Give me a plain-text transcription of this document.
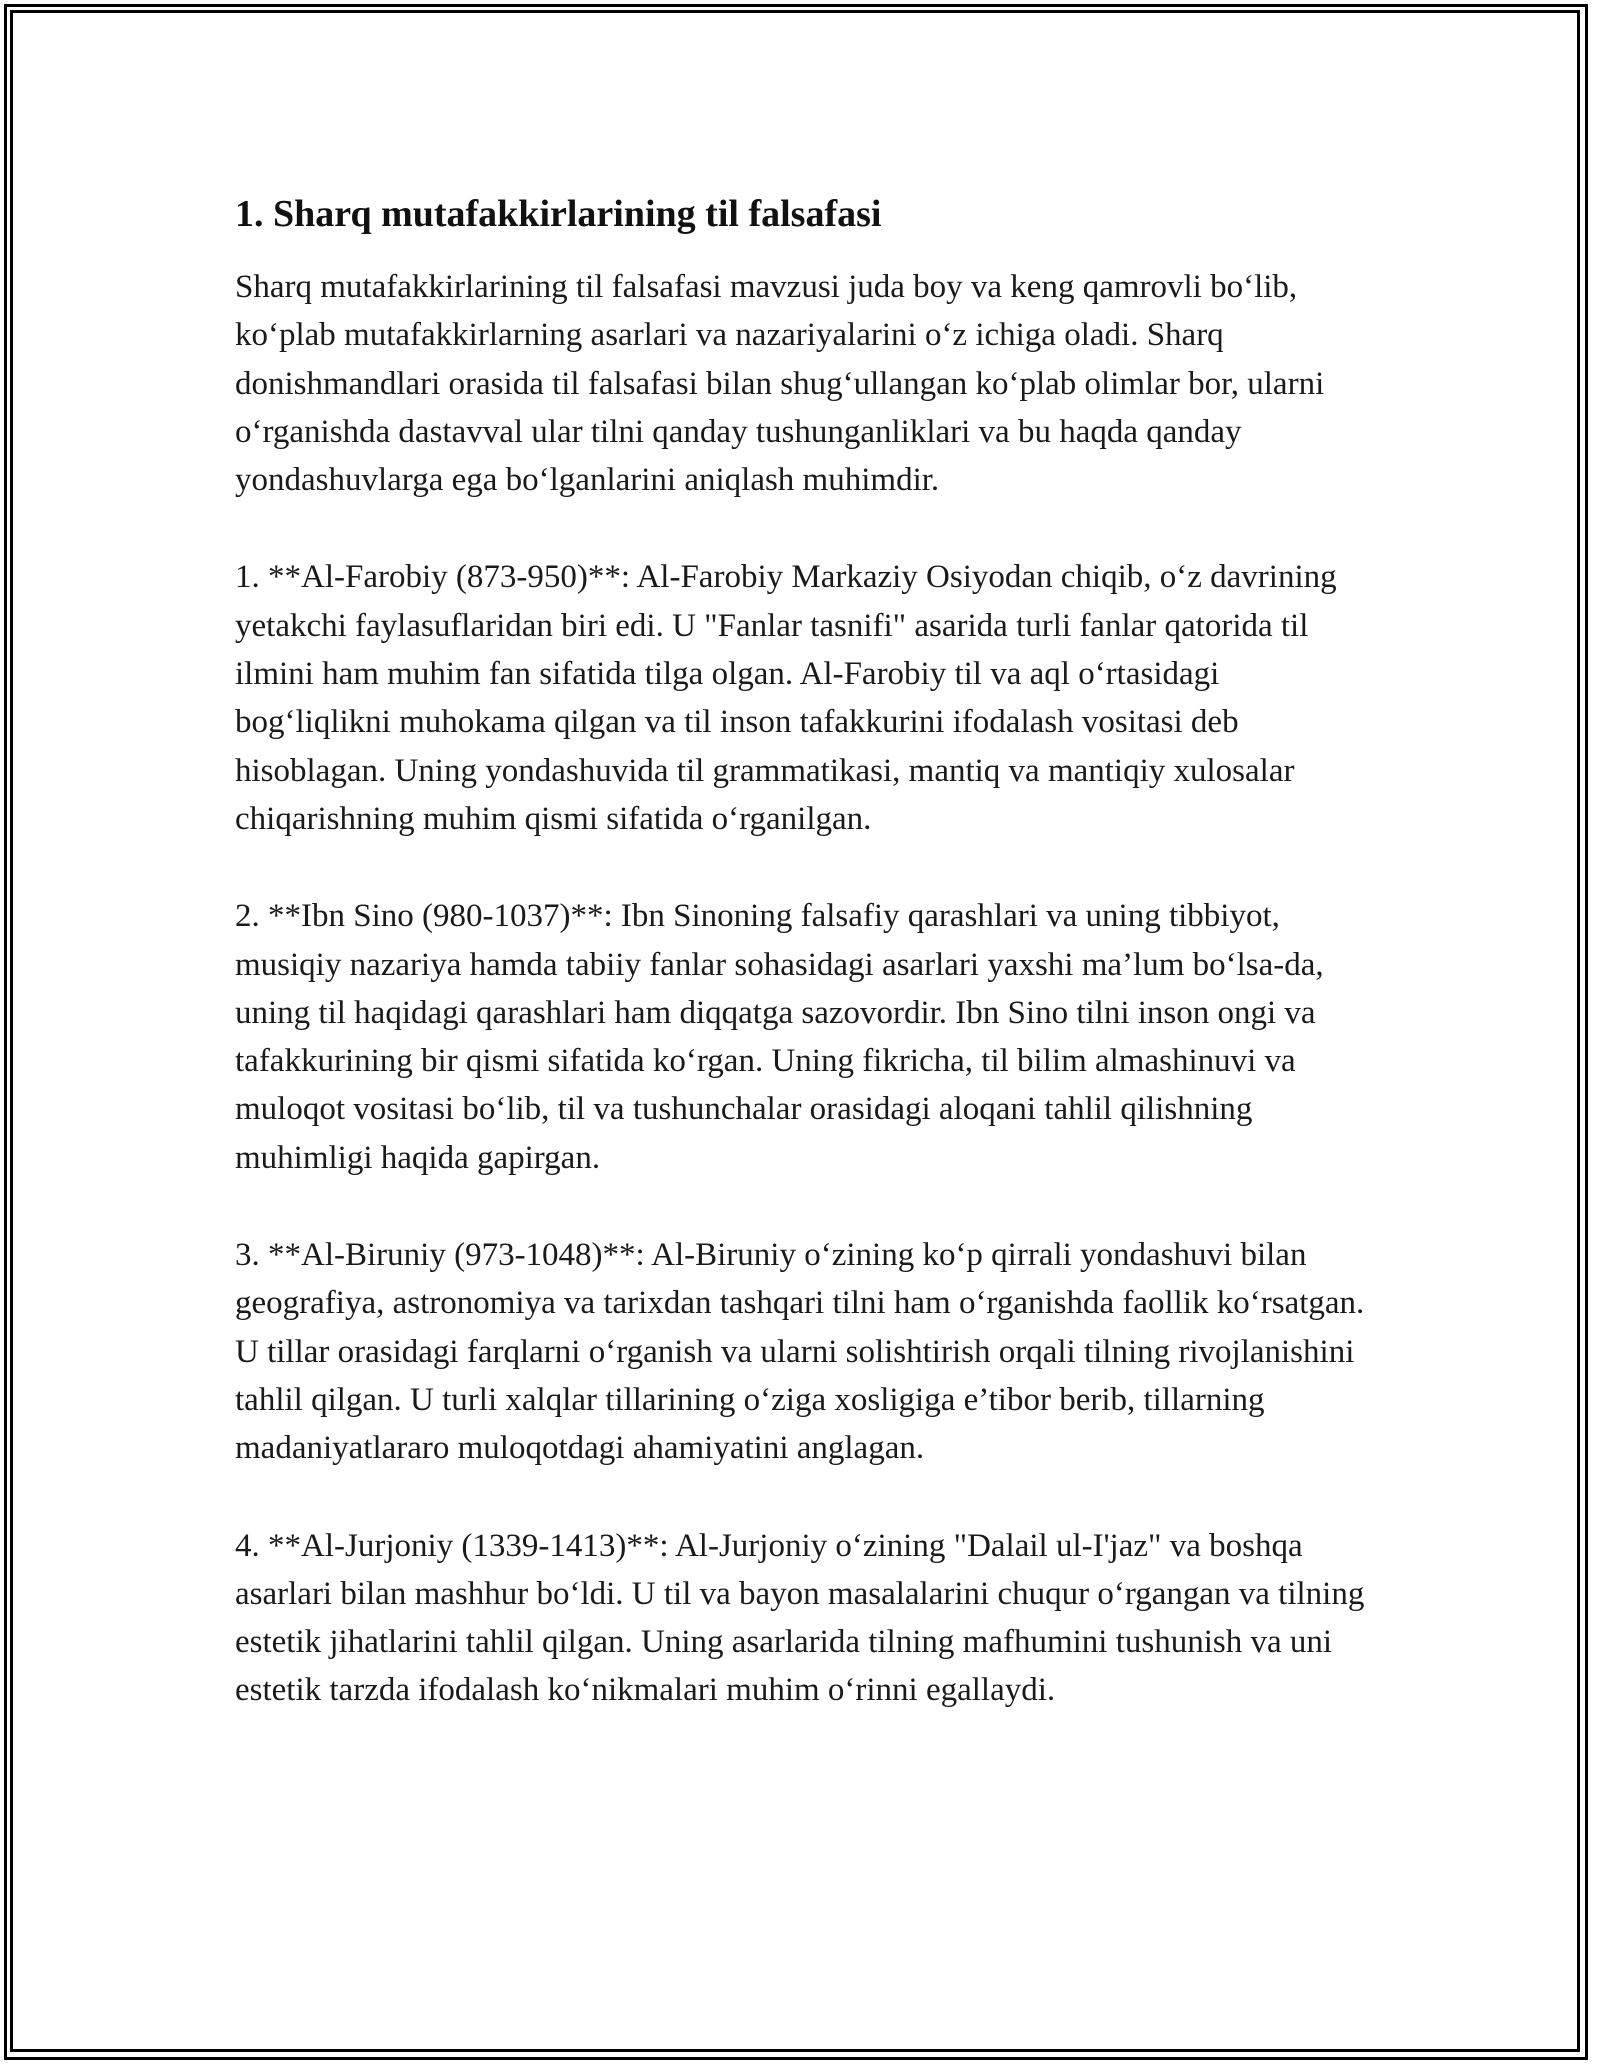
1. Sharq mutafakkirlarining til falsafasi

Sharq mutafakkirlarining til falsafasi mavzusi juda boy va keng qamrovli bo‘lib, ko‘plab mutafakkirlarning asarlari va nazariyalarini o‘z ichiga oladi. Sharq donishmandlari orasida til falsafasi bilan shug‘ullangan ko‘plab olimlar bor, ularni o‘rganishda dastavval ular tilni qanday tushunganliklari va bu haqda qanday yondashuvlarga ega bo‘lganlarini aniqlash muhimdir.

1. **Al-Farobiy (873-950)**: Al-Farobiy Markaziy Osiyodan chiqib, o‘z davrining yetakchi faylasuflaridan biri edi. U "Fanlar tasnifi" asarida turli fanlar qatorida til ilmini ham muhim fan sifatida tilga olgan. Al-Farobiy til va aql o‘rtasidagi bog‘liqlikni muhokama qilgan va til inson tafakkurini ifodalash vositasi deb hisoblagan. Uning yondashuvida til grammatikasi, mantiq va mantiqiy xulosalar chiqarishning muhim qismi sifatida o‘rganilgan.

2. **Ibn Sino (980-1037)**: Ibn Sinoning falsafiy qarashlari va uning tibbiyot, musiqiy nazariya hamda tabiiy fanlar sohasidagi asarlari yaxshi ma’lum bo‘lsa-da, uning til haqidagi qarashlari ham diqqatga sazovordir. Ibn Sino tilni inson ongi va tafakkurining bir qismi sifatida ko‘rgan. Uning fikricha, til bilim almashinuvi va muloqot vositasi bo‘lib, til va tushunchalar orasidagi aloqani tahlil qilishning muhimligi haqida gapirgan.

3. **Al-Biruniy (973-1048)**: Al-Biruniy o‘zining ko‘p qirrali yondashuvi bilan geografiya, astronomiya va tarixdan tashqari tilni ham o‘rganishda faollik ko‘rsatgan. U tillar orasidagi farqlarni o‘rganish va ularni solishtirish orqali tilning rivojlanishini tahlil qilgan. U turli xalqlar tillarining o‘ziga xosligiga e’tibor berib, tillarning madaniyatlararo muloqotdagi ahamiyatini anglagan.

4. **Al-Jurjoniy (1339-1413)**: Al-Jurjoniy o‘zining "Dalail ul-I'jaz" va boshqa asarlari bilan mashhur bo‘ldi. U til va bayon masalalarini chuqur o‘rgangan va tilning estetik jihatlarini tahlil qilgan. Uning asarlarida tilning mafhumini tushunish va uni estetik tarzda ifodalash ko‘nikmalari muhim o‘rinni egallaydi.
